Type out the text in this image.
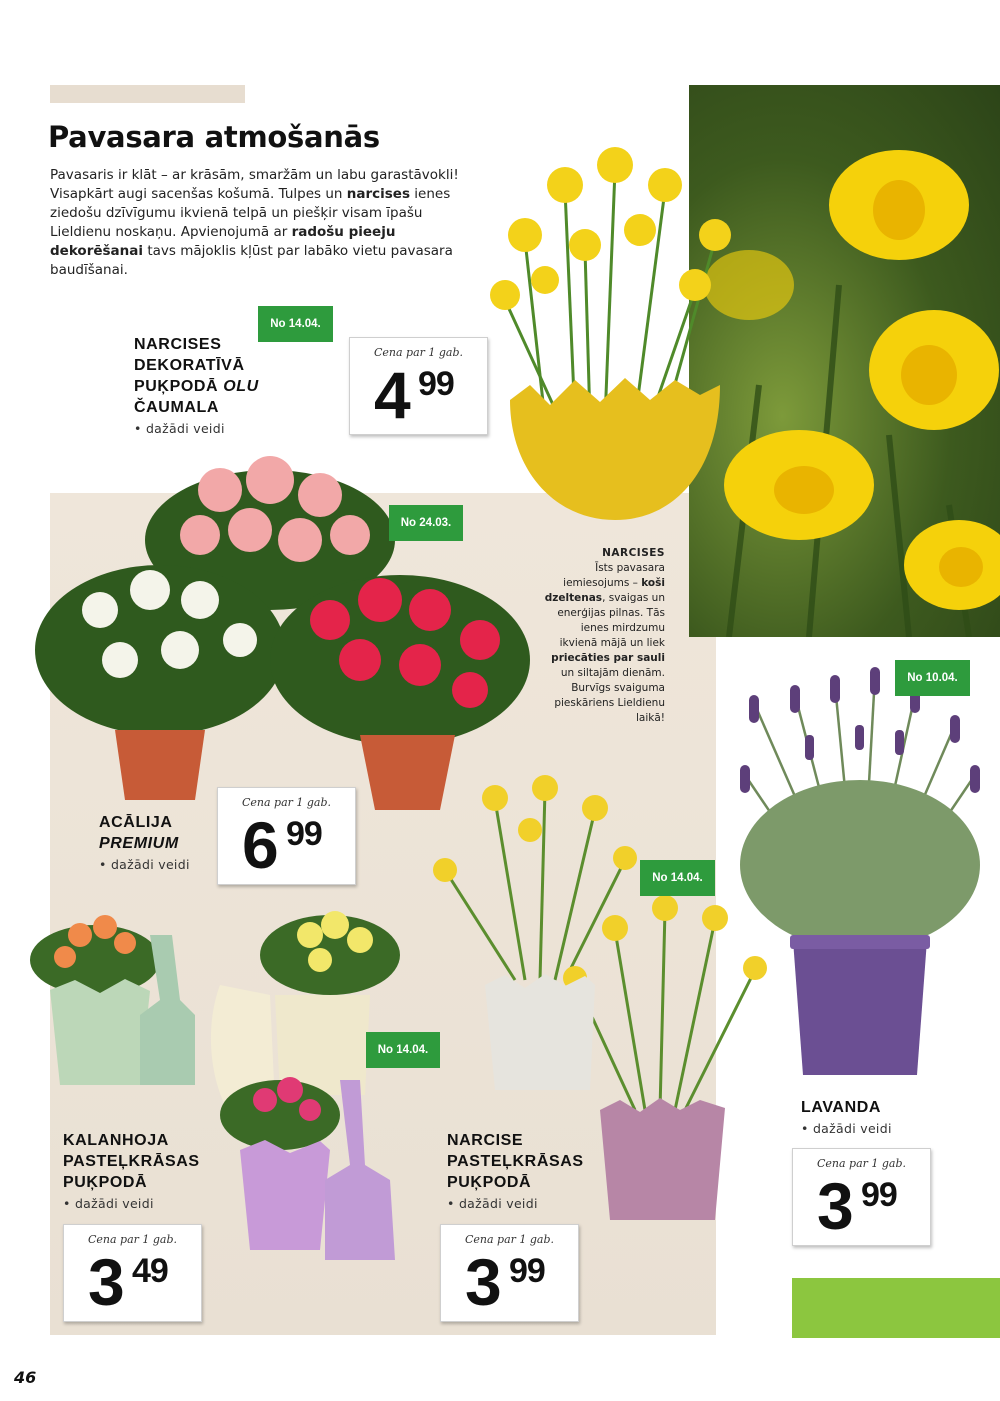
Pavasara atmošanās

Pavasaris ir klāt – ar krāsām, smaržām un labu garastāvokli!

Visapkārt augi sacenšas košumā. Tulpes un narcises ienes ziedošu dzīvīgumu ikvienā telpā un piešķir visam īpašu Lieldienu noskaņu. Apvienojumā ar radošu pieeju dekorēšanai tavs mājoklis kļūst par labāko vietu pavasara baudīšanai.

No 14.04.
NARCISES
DEKORATĪVĀ
PUĶPODĀ OLU
ČAUMALA
• dažādi veidi
Cena par 1 gab.
4 99
No 24.03.
NARCISES
Īsts pavasara iemiesojums – koši dzeltenas, svaigas un enerģijas pilnas. Tās ienes mirdzumu ikvienā mājā un liek priecāties par sauli un siltajām dienām. Burvīgs svaiguma pieskāriens Lieldienu laikā!
ACĀLIJA
PREMIUM
• dažādi veidi
Cena par 1 gab.
6 99
No 14.04.
No 10.04.
LAVANDA
• dažādi veidi
Cena par 1 gab.
3 99
No 14.04.
KALANHOJA
PASTEĻKRĀSAS
PUĶPODĀ
• dažādi veidi
Cena par 1 gab.
3 49
NARCISE
PASTEĻKRĀSAS
PUĶPODĀ
• dažādi veidi
Cena par 1 gab.
3 99
46
